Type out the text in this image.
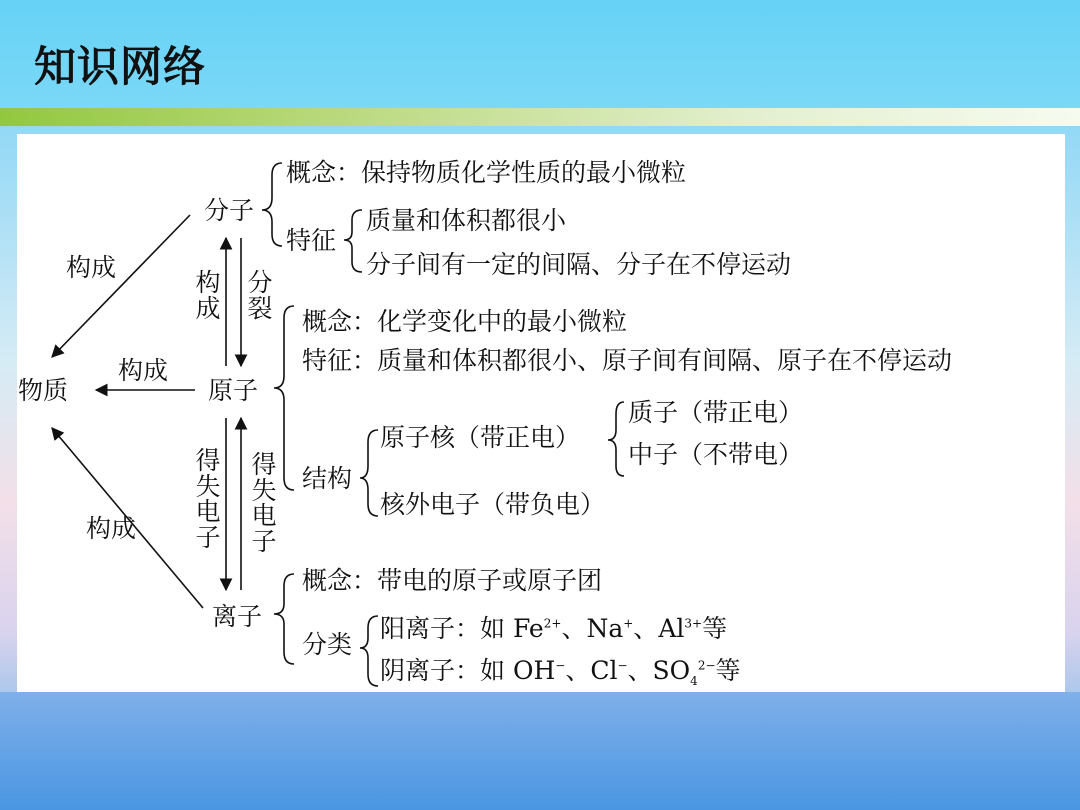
知识网络
分子
原子
离子
物质
构成
构成
构成
构成
分裂
得失电子
得失电子
概念：保持物质化学性质的最小微粒
特征
质量和体积都很小
分子间有一定的间隔、分子在不停运动
概念：化学变化中的最小微粒
特征：质量和体积都很小、原子间有间隔、原子在不停运动
结构
原子核（带正电）
质子（带正电）
中子（不带电）
核外电子（带负电）
概念：带电的原子或原子团
分类
阳离子：如 $Fe^{2+}$、Na+、$Al^{3+}$等
阴离子：如 OH−、Cl−、$SO_4^{2-}$等
